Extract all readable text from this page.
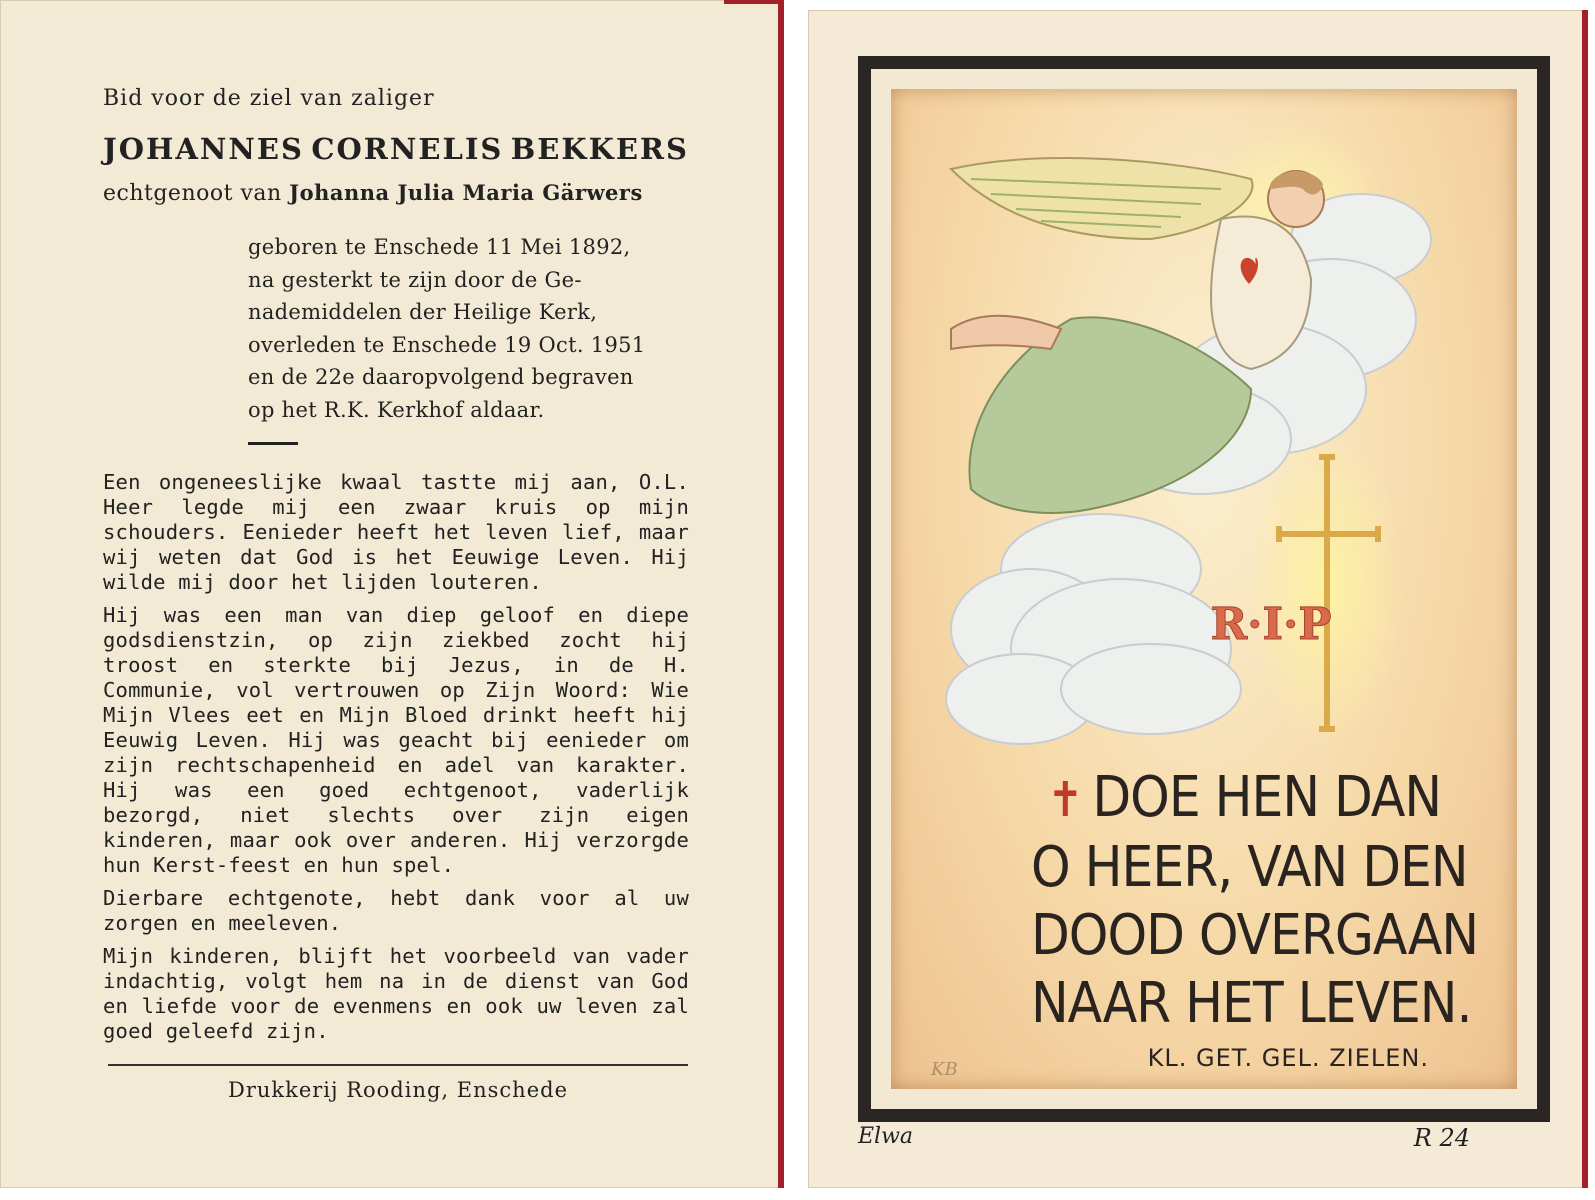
Bid voor de ziel van zaliger
JOHANNES CORNELIS BEKKERS
echtgenoot van Johanna Julia Maria Gärwers
geboren te Enschede 11 Mei 1892,
na gesterkt te zijn door de Ge-
nademiddelen der Heilige Kerk,
overleden te Enschede 19 Oct. 1951
en de 22e daaropvolgend begraven
op het R.K. Kerkhof aldaar.

Een ongeneeslijke kwaal tastte mij aan, O.L. Heer legde mij een zwaar kruis op mijn schouders. Eenieder heeft het leven lief, maar wij weten dat God is het Eeuwige Leven. Hij wilde mij door het lijden louteren.

Hij was een man van diep geloof en diepe godsdienstzin, op zijn ziekbed zocht hij troost en sterkte bij Jezus, in de H. Communie, vol vertrouwen op Zijn Woord: Wie Mijn Vlees eet en Mijn Bloed drinkt heeft hij Eeuwig Leven. Hij was geacht bij eenieder om zijn rechtschapenheid en adel van karakter. Hij was een goed echtgenoot, vaderlijk bezorgd, niet slechts over zijn eigen kinderen, maar ook over anderen. Hij verzorgde hun Kerst-feest en hun spel.

Dierbare echtgenote, hebt dank voor al uw zorgen en meeleven.

Mijn kinderen, blijft het voorbeeld van vader indachtig, volgt hem na in de dienst van God en liefde voor de evenmens en ook uw leven zal goed geleefd zijn.

Drukkerij Rooding, Enschede
R·I·P
✝ DOE HEN DAN
O HEER, VAN DEN
DOOD OVERGAAN
NAAR HET LEVEN.
KL. GET. GEL. ZIELEN.
KB
Elwa	R 24
